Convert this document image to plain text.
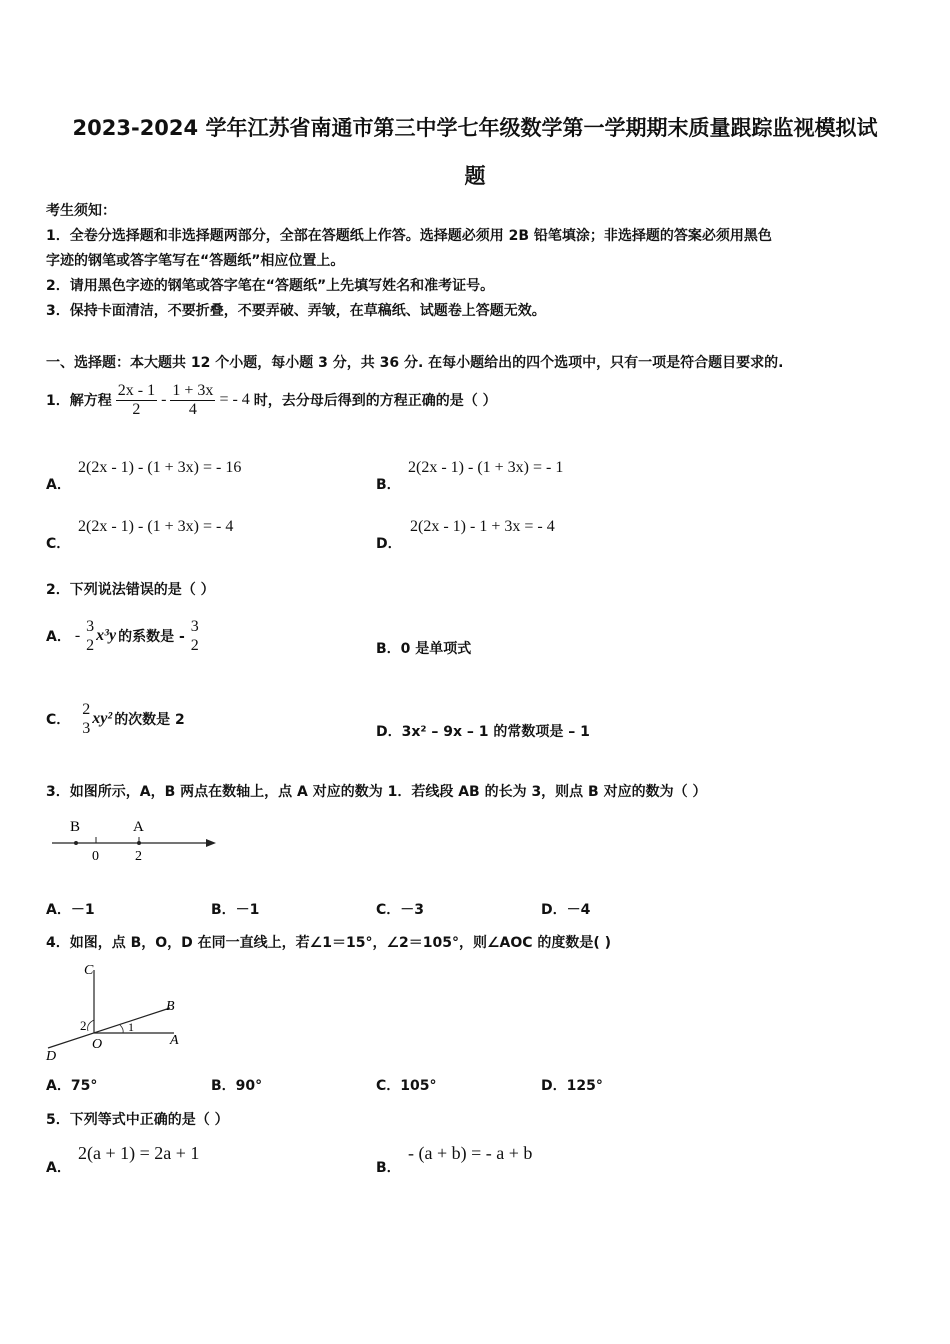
2023-2024 学年江苏省南通市第三中学七年级数学第一学期期末质量跟踪监视模拟试
题
考生须知：
1．全卷分选择题和非选择题两部分，全部在答题纸上作答。选择题必须用 2B 铅笔填涂；非选择题的答案必须用黑色
字迹的钢笔或答字笔写在“答题纸”相应位置上。
2．请用黑色字迹的钢笔或答字笔在“答题纸”上先填写姓名和准考证号。
3．保持卡面清洁，不要折叠，不要弄破、弄皱，在草稿纸、试题卷上答题无效。
一、选择题：本大题共 12 个小题，每小题 3 分，共 36 分. 在每小题给出的四个选项中，只有一项是符合题目要求的.
1．解方程 $\frac{2x - 1}{2} - \frac{1 + 3x}{4}$ = - 4 时，去分母后得到的方程正确的是（ ）
A．
2(2x - 1) - (1 + 3x) = - 16
B．
2(2x - 1) - (1 + 3x) = - 1
C．
2(2x - 1) - (1 + 3x) = - 4
D．
2(2x - 1) - 1 + 3x = - 4
2．下列说法错误的是（ ）
A． - $\frac{3}{2} x^3y$ 的系数是 - $\frac{3}{2}$	B．0 是单项式
C． $\frac{2}{3} xy^2$ 的次数是 2
D．3x² – 9x – 1 的常数项是 – 1
3．如图所示，A，B 两点在数轴上，点 A 对应的数为 1．若线段 AB 的长为 3，则点 B 对应的数为（ ）
B	A
0	2
A．－1	B．－1	C．－3	D．－4
4．如图，点 B，O，D 在同一直线上，若∠1＝15°，∠2＝105°，则∠AOC 的度数是( )
C
B
2	1
O	A
D
A．75°	B．90°	C．105°	D．125°
5．下列等式中正确的是（ ）
A．
2(a + 1) = 2a + 1
B．
- (a + b) = - a + b
